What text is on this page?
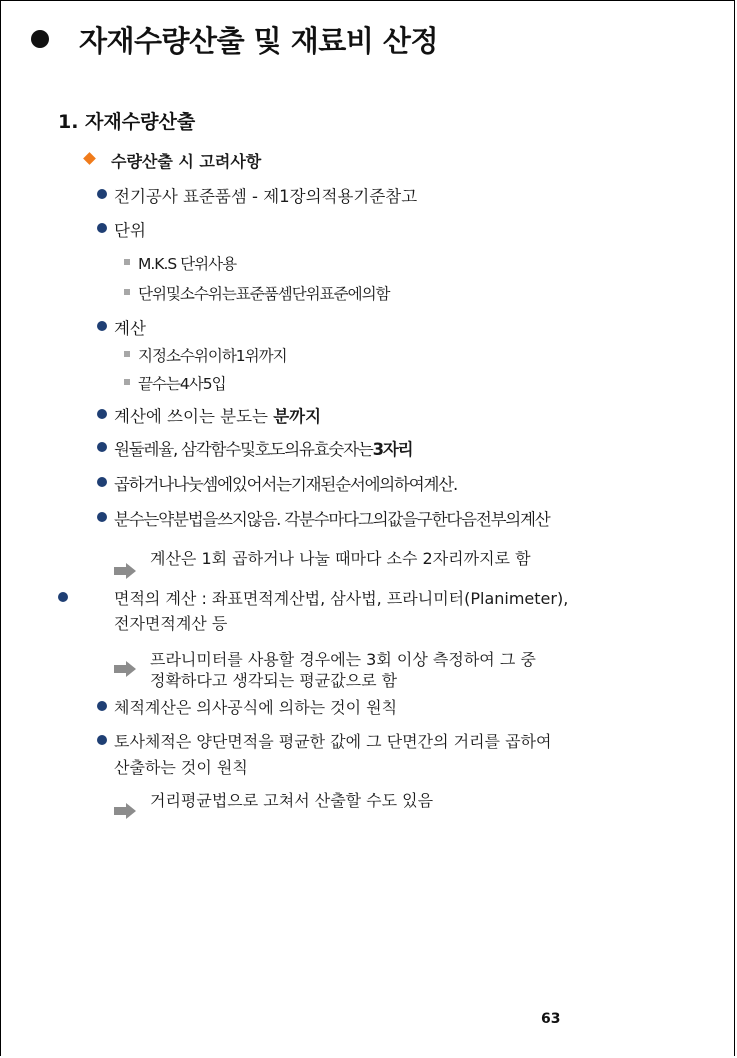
자재수량산출 및 재료비 산정
1. 자재수량산출
수량산출 시 고려사항
전기공사 표준품셈 - 제1장의적용기준참고
단위
M.K.S 단위사용
단위및소수위는표준품셈단위표준에의함
계산
지정소수위이하1위까지
끝수는4사5입
계산에 쓰이는 분도는 분까지
원둘레율, 삼각함수및호도의유효숫자는3자리
곱하거나나눗셈에있어서는기재된순서에의하여계산.
분수는약분법을쓰지않음. 각분수마다그의값을구한다음전부의계산
계산은 1회 곱하거나 나눌 때마다 소수 2자리까지로 함
면적의 계산 : 좌표면적계산법, 삼사법, 프라니미터(Planimeter),
전자면적계산 등
프라니미터를 사용할 경우에는 3회 이상 측정하여 그 중
정확하다고 생각되는 평균값으로 함
체적계산은 의사공식에 의하는 것이 원칙
토사체적은 양단면적을 평균한 값에 그 단면간의 거리를 곱하여
산출하는 것이 원칙
거리평균법으로 고쳐서 산출할 수도 있음
63
